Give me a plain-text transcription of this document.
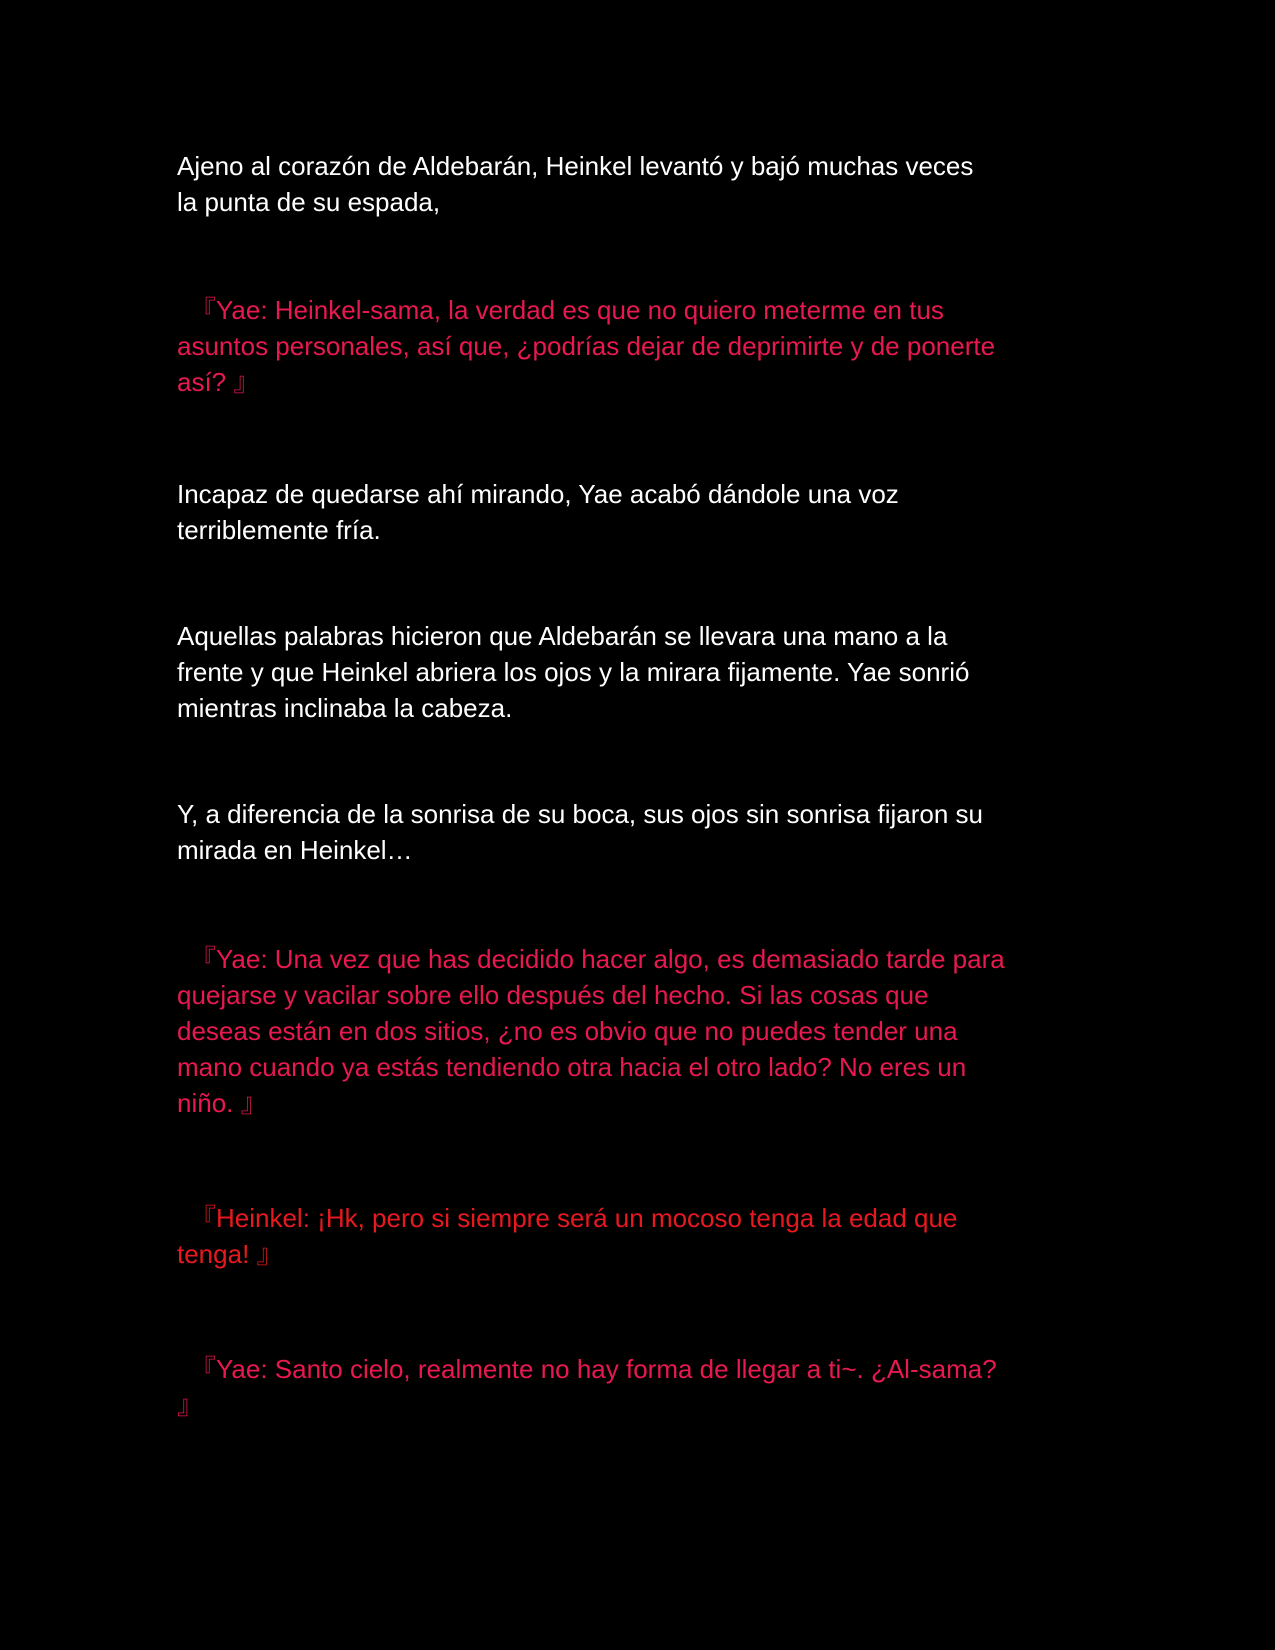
Ajeno al corazón de Aldebarán, Heinkel levantó y bajó muchas veces
la punta de su espada,

　『Yae: Heinkel-sama, la verdad es que no quiero meterme en tus
asuntos personales, así que, ¿podrías dejar de deprimirte y de ponerte
así? 』

Incapaz de quedarse ahí mirando, Yae acabó dándole una voz
terriblemente fría.

Aquellas palabras hicieron que Aldebarán se llevara una mano a la
frente y que Heinkel abriera los ojos y la mirara fijamente. Yae sonrió
mientras inclinaba la cabeza.

Y, a diferencia de la sonrisa de su boca, sus ojos sin sonrisa fijaron su
mirada en Heinkel…

　『Yae: Una vez que has decidido hacer algo, es demasiado tarde para
quejarse y vacilar sobre ello después del hecho. Si las cosas que
deseas están en dos sitios, ¿no es obvio que no puedes tender una
mano cuando ya estás tendiendo otra hacia el otro lado? No eres un
niño. 』

　『Heinkel: ¡Hk, pero si siempre será un mocoso tenga la edad que
tenga! 』

　『Yae: Santo cielo, realmente no hay forma de llegar a ti~. ¿Al-sama?
』
